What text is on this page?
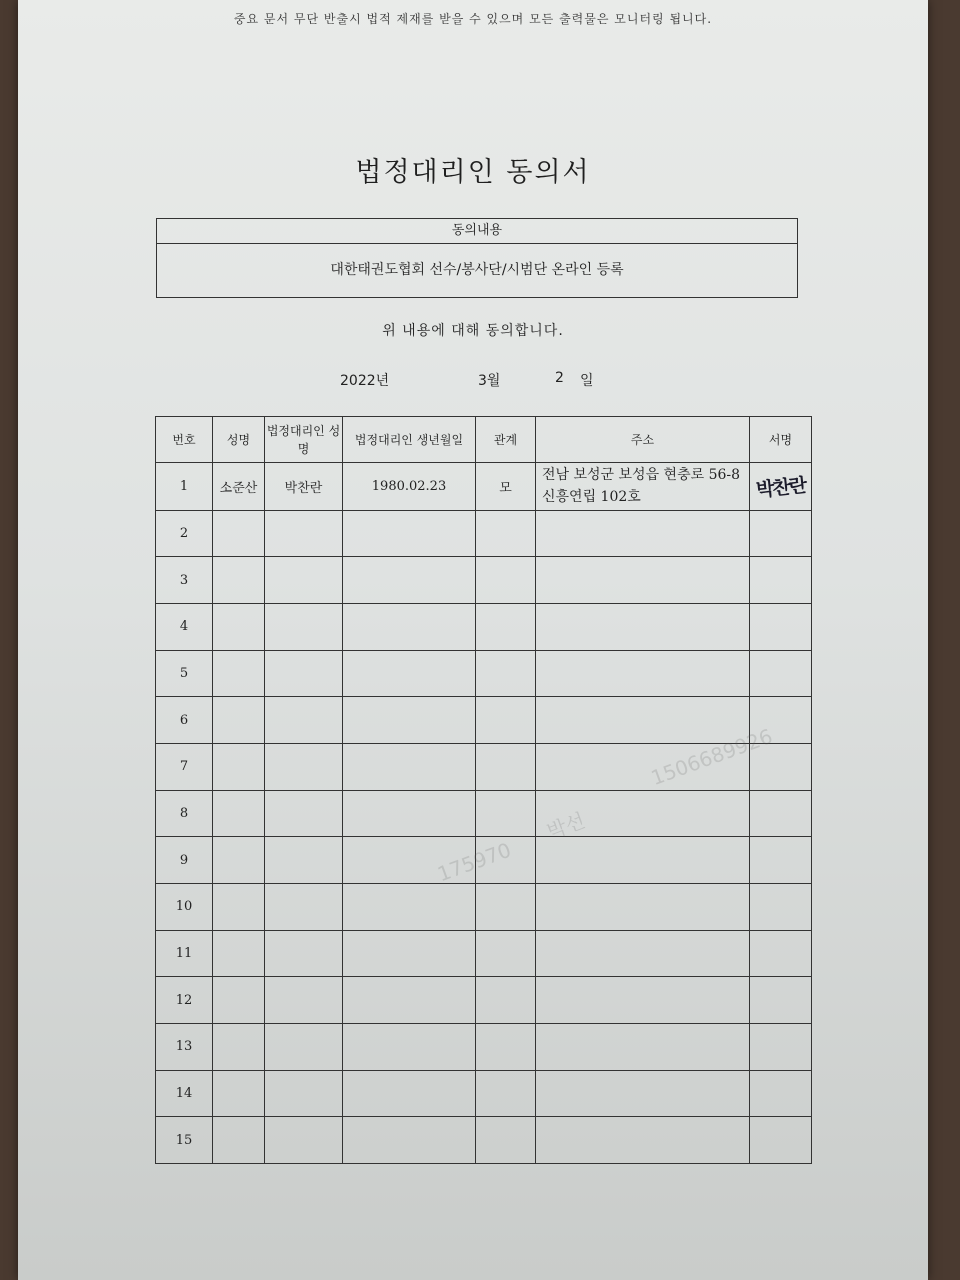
중요 문서 무단 반출시 법적 제재를 받을 수 있으며 모든 출력물은 모니터링 됩니다.
법정대리인 동의서
동의내용
대한태권도협회 선수/봉사단/시범단 온라인 등록
위 내용에 대해 동의합니다.
2022년	3월	2 일
번호	성명	법정대리인 성명	법정대리인 생년월일	관계	주소	서명
1	소준산	박찬란	1980.02.23	모	전남 보성군 보성읍 현충로 56-8 신흥연립 102호	박찬란
2						
3						
4						
5						
6						
7						
8						
9						
10						
11						
12						
13						
14						
15						
1506689926
박선
175970
